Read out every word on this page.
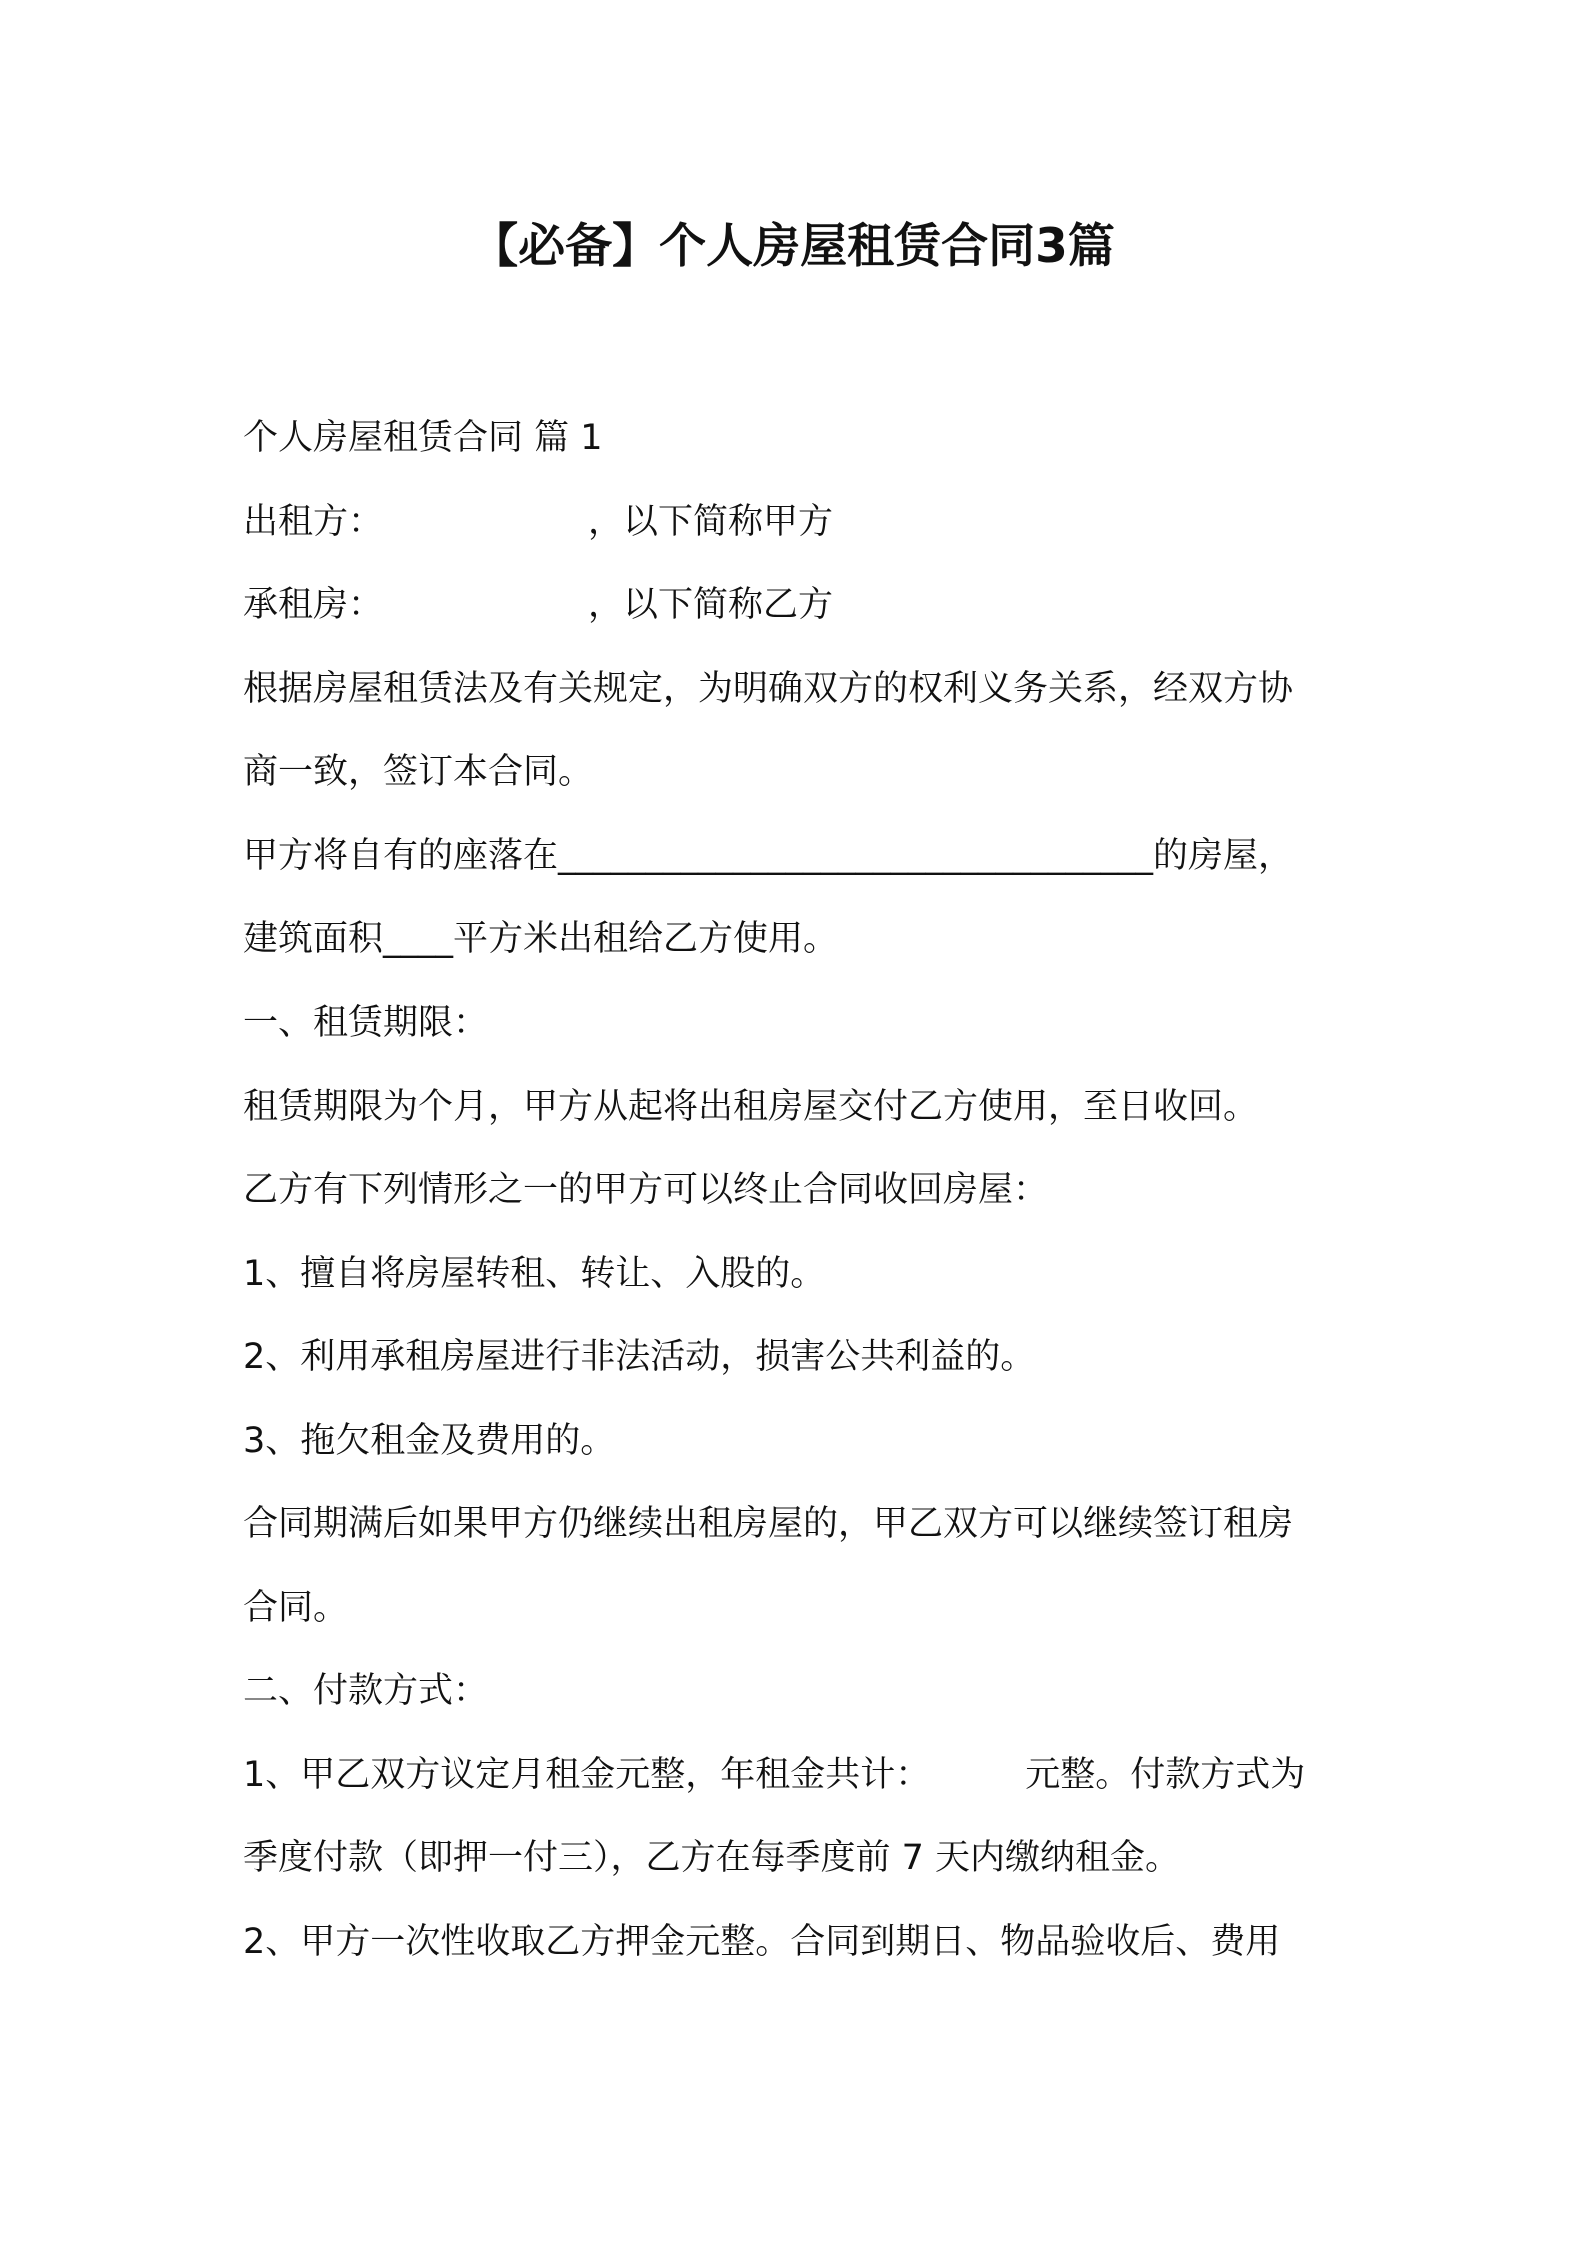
【必备】个人房屋租赁合同3篇
个人房屋租赁合同 篇 1
出租方：	，以下简称甲方
承租房：	，以下简称乙方
根据房屋租赁法及有关规定，为明确双方的权利义务关系，经双方协
商一致，签订本合同。
甲方将自有的座落在__________________________________的房屋，
建筑面积____平方米出租给乙方使用。
一、租赁期限：
租赁期限为个月，甲方从起将出租房屋交付乙方使用，至日收回。
乙方有下列情形之一的甲方可以终止合同收回房屋：
1、擅自将房屋转租、转让、入股的。
2、利用承租房屋进行非法活动，损害公共利益的。
3、拖欠租金及费用的。
合同期满后如果甲方仍继续出租房屋的，甲乙双方可以继续签订租房
合同。
二、付款方式：
1、甲乙双方议定月租金元整，年租金共计：	元整。付款方式为
季度付款（即押一付三），乙方在每季度前 7 天内缴纳租金。
2、甲方一次性收取乙方押金元整。合同到期日、物品验收后、费用
